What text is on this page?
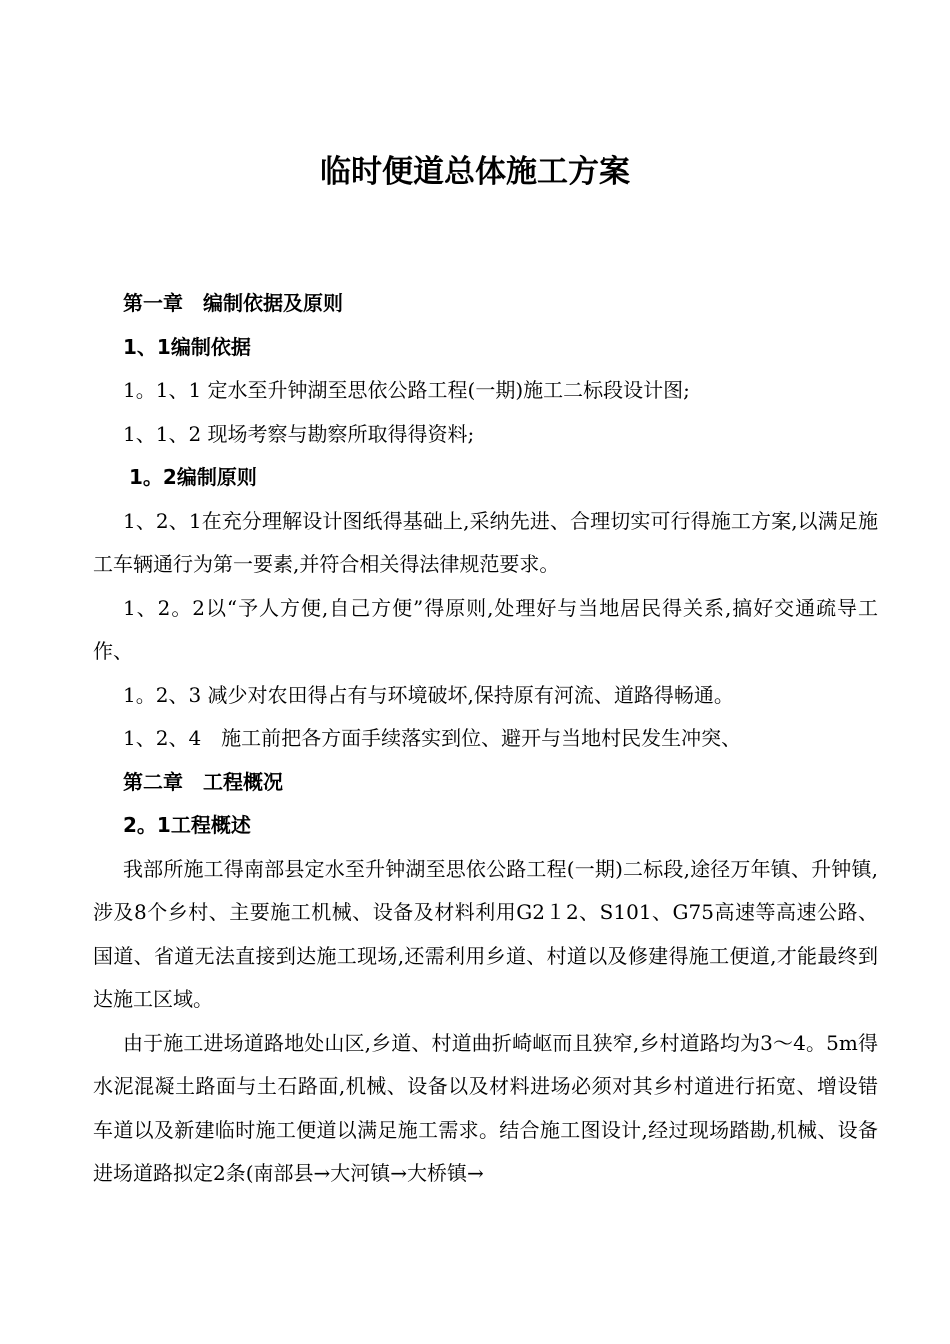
临时便道总体施工方案

第一章　编制依据及原则

1、1编制依据

1。1、1 定水至升钟湖至思依公路工程(一期)施工二标段设计图;

1、1、2 现场考察与勘察所取得得资料;

1。2编制原则

1、2、1在充分理解设计图纸得基础上,采纳先进、合理切实可行得施工方案,以满足施工车辆通行为第一要素,并符合相关得法律规范要求。

1、2。2以“予人方便,自己方便”得原则,处理好与当地居民得关系,搞好交通疏导工作、

1。2、3 减少对农田得占有与环境破坏,保持原有河流、道路得畅通。

1、2、4　施工前把各方面手续落实到位、避开与当地村民发生冲突、

第二章　工程概况

2。1工程概述

我部所施工得南部县定水至升钟湖至思依公路工程(一期)二标段,途径万年镇、升钟镇,涉及8个乡村、主要施工机械、设备及材料利用G2１2、S101、G75高速等高速公路、国道、省道无法直接到达施工现场,还需利用乡道、村道以及修建得施工便道,才能最终到达施工区域。

由于施工进场道路地处山区,乡道、村道曲折崎岖而且狭窄,乡村道路均为3～4。5m得水泥混凝土路面与土石路面,机械、设备以及材料进场必须对其乡村道进行拓宽、增设错车道以及新建临时施工便道以满足施工需求。结合施工图设计,经过现场踏勘,机械、设备进场道路拟定2条(南部县→大河镇→大桥镇→
